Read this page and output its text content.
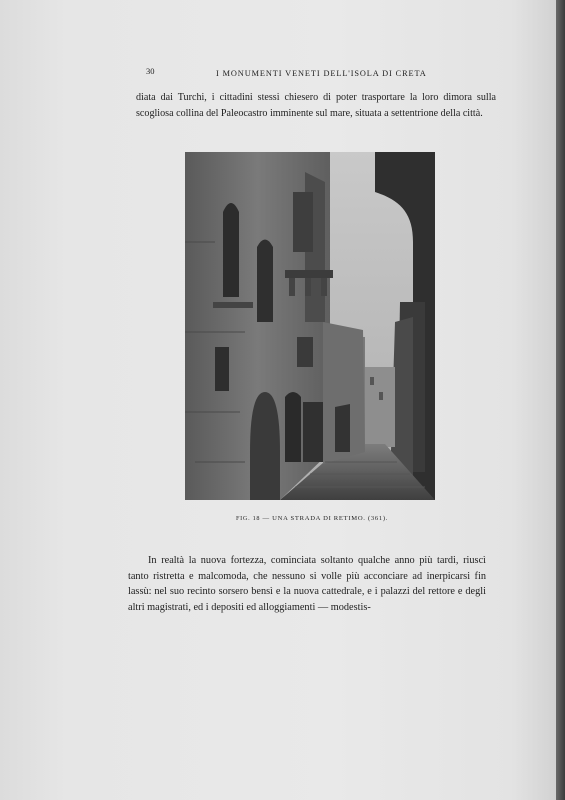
30	I MONUMENTI VENETI DELL'ISOLA DI CRETA

diata dai Turchi, i cittadini stessi chiesero di poter trasportare la loro dimora sulla scogliosa collina del Paleocastro imminente sul mare, situata a settentrione della città.

FIG. 18 — UNA STRADA DI RETIMO. (361).

In realtà la nuova fortezza, cominciata soltanto qualche anno più tardi, riuscì tanto ristretta e malcomoda, che nessuno si volle più acconciare ad inerpicarsi fin lassù: nel suo recinto sorsero bensì e la nuova cattedrale, e i palazzi del rettore e degli altri magistrati, ed i depositi ed alloggiamenti — modestis-
